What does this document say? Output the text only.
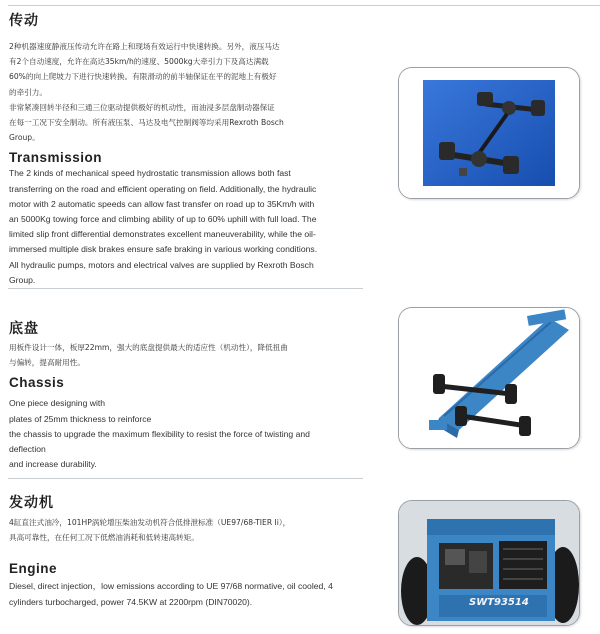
传动
2种机器速度静液压传动允许在路上和现场有效运行中快速转换。另外，液压马达
有2个自动速度，允许在高达35km/h的速度、5000kg大牵引力下及高达满载
60%的向上爬坡力下进行快速转换。有限滑动的前半轴保证在平的泥地上有极好
的牵引力。
非常紧凑回转半径和三通三位驱动提供极好的机动性，而油浸多层盘制动器保证
在每一工况下安全制动。所有液压泵、马达及电气控制阀等均采用Rexroth Bosch
Group。
Transmission
The 2 kinds of mechanical speed hydrostatic transmission allows both fast
transferring on the road and efficient operating on field. Additionally, the hydraulic
motor with 2 automatic speeds can allow fast transfer on road up to 35Km/h with
an 5000Kg towing force and climbing ability of up to 60% uphill with full load. The
limited slip front differential demonstrates excellent maneuverability, while the oil-
immersed multiple disk brakes ensure safe braking in various working conditions.
All hydraulic pumps, motors and electrical valves are supplied by Rexroth Bosch
Group.
底盘
用板件设计一体，板厚22mm，强大的底盘提供最大的适应性（机动性），降低扭曲
与偏转，提高耐用性。
Chassis
One piece designing with
plates of 25mm thickness to reinforce
the chassis to upgrade the maximum flexibility to resist the force of twisting and
deflection
and increase durability.
发动机
4缸直注式油冷，101HP涡轮增压柴油发动机符合低排泄标准（UE97/68-TIER Ii），
具高可靠性，在任何工况下低燃油消耗和低转速高转矩。
Engine
Diesel, direct injection，low emissions according to UE 97/68 normative, oil cooled, 4
cylinders turbocharged, power 74.5KW at 2200rpm (DIN70020).	SWT93514
